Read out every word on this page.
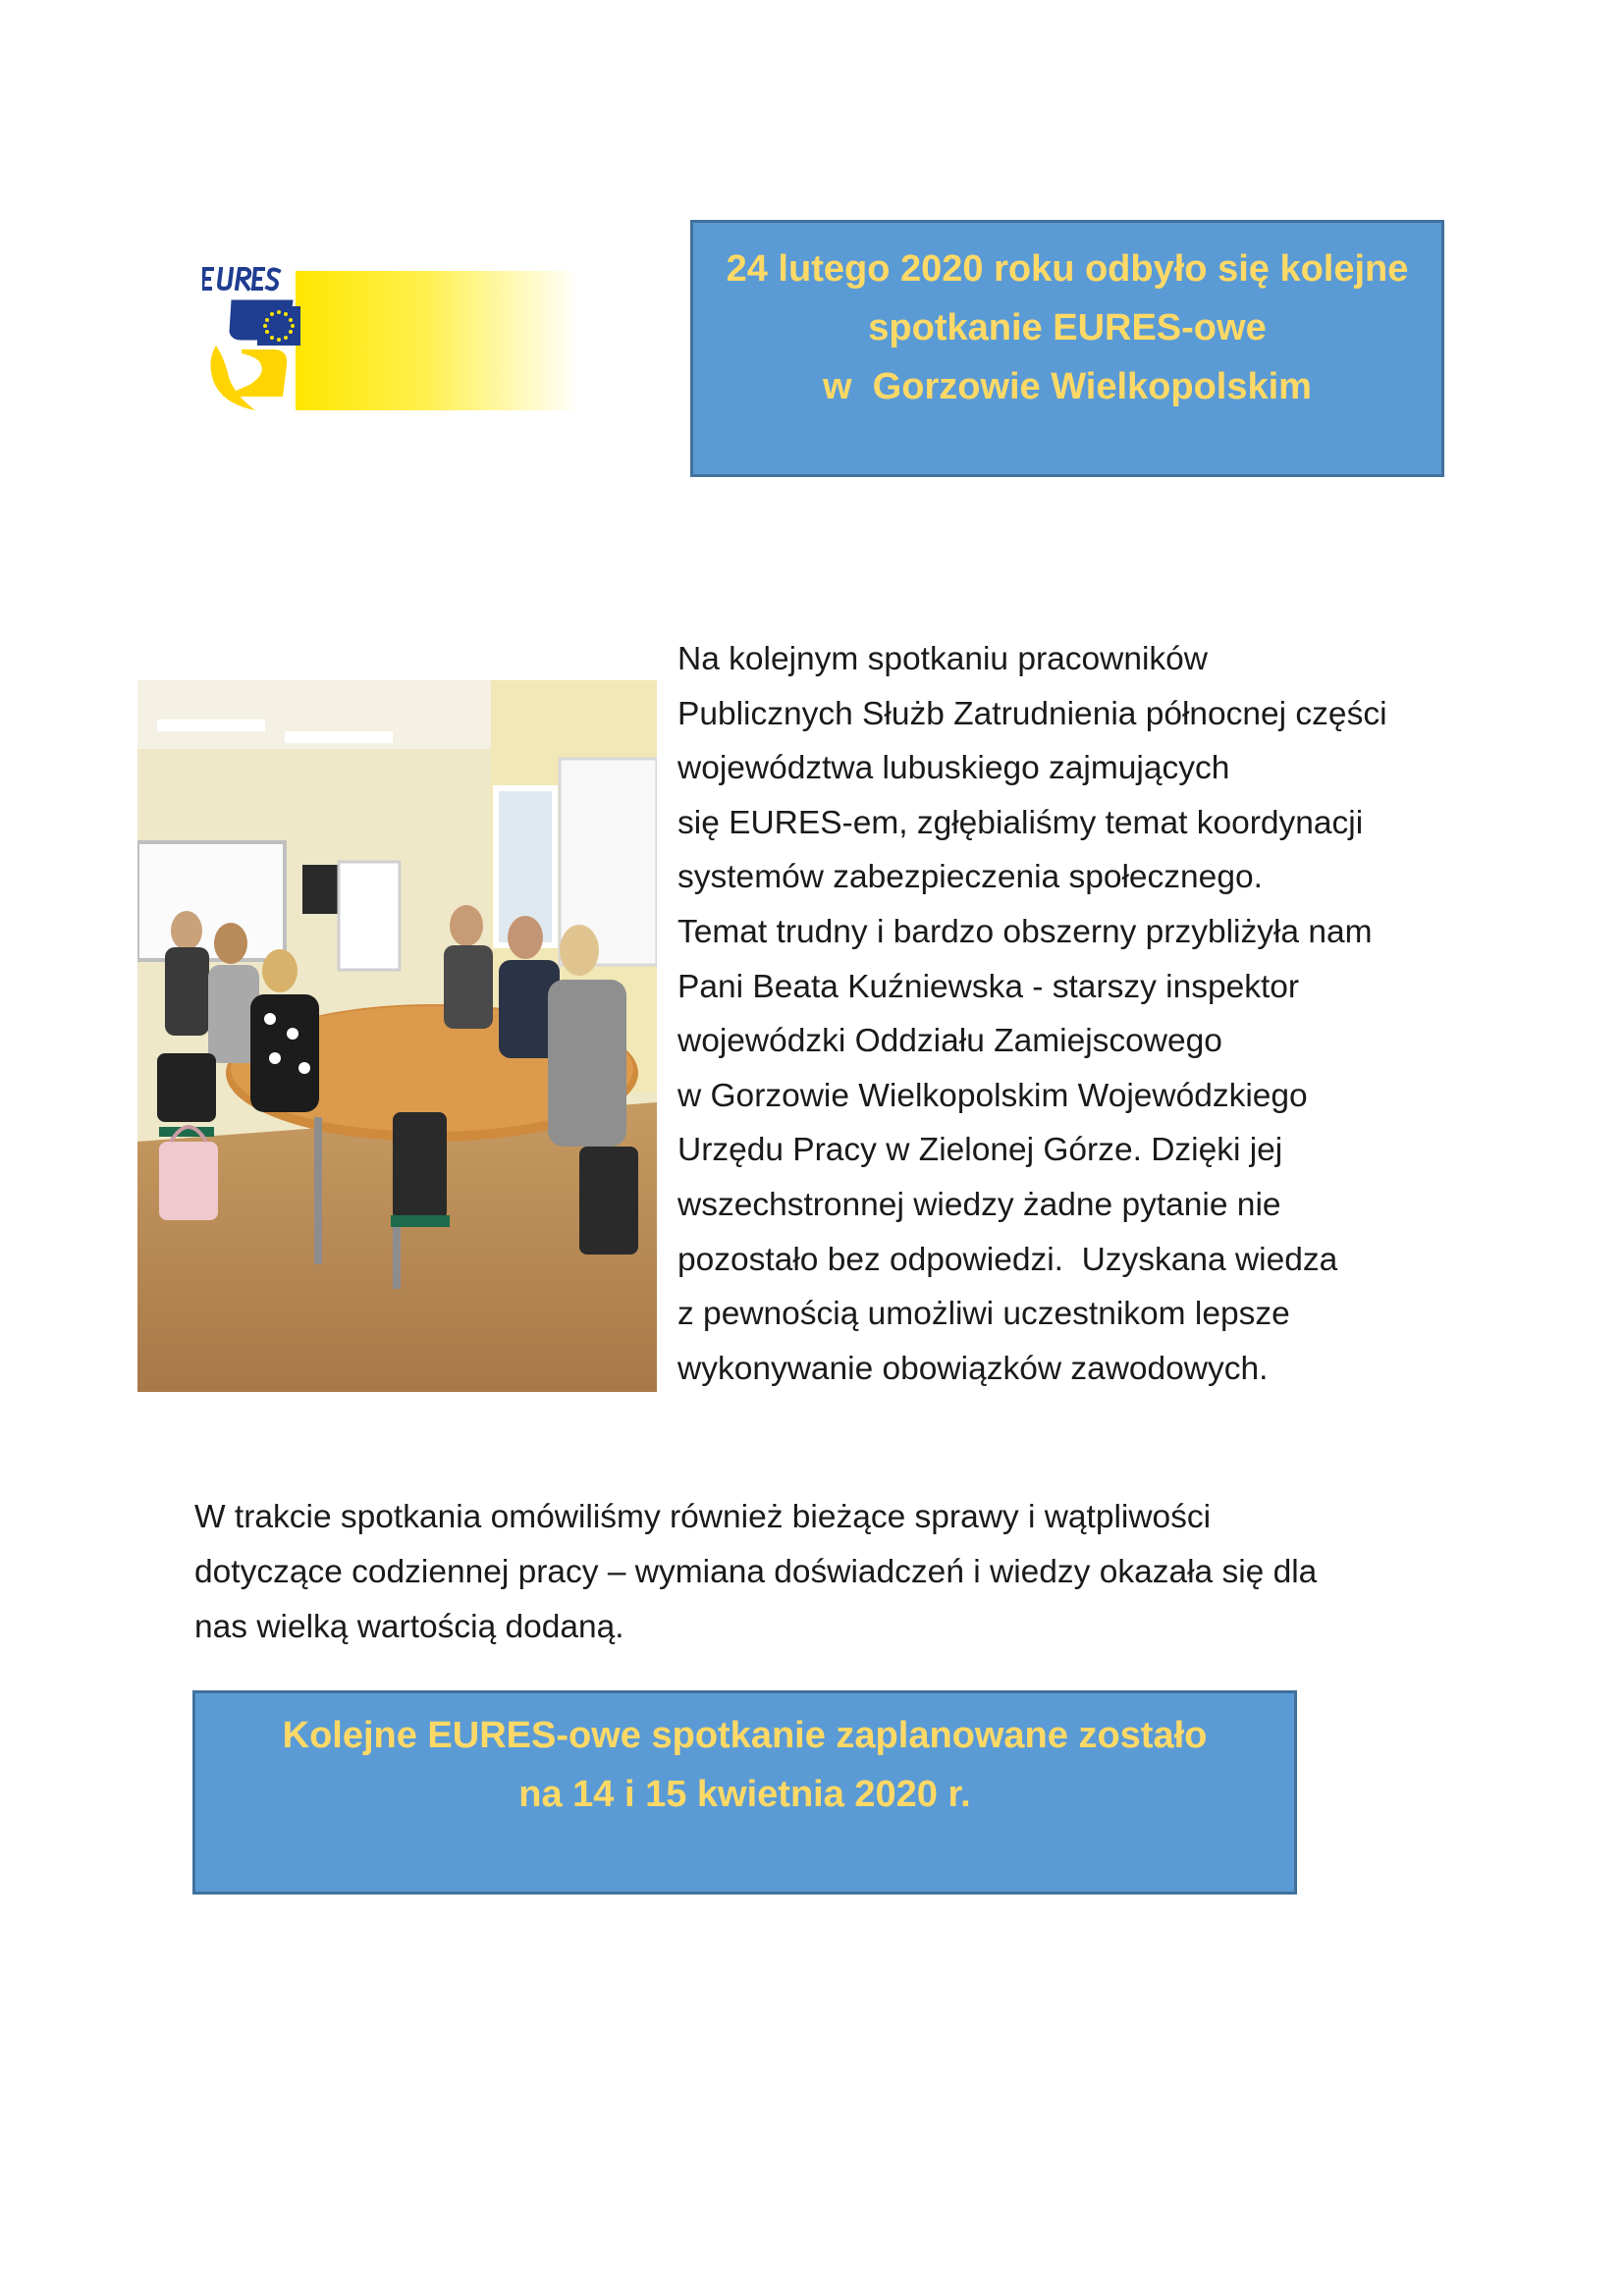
24 lutego 2020 roku odbyło się kolejne
spotkanie EURES-owe
w  Gorzowie Wielkopolskim
Na kolejnym spotkaniu pracowników
Publicznych Służb Zatrudnienia północnej części
województwa lubuskiego zajmujących
się EURES-em, zgłębialiśmy temat koordynacji
systemów zabezpieczenia społecznego.
Temat trudny i bardzo obszerny przybliżyła nam
Pani Beata Kuźniewska - starszy inspektor
wojewódzki Oddziału Zamiejscowego
w Gorzowie Wielkopolskim Wojewódzkiego
Urzędu Pracy w Zielonej Górze. Dzięki jej
wszechstronnej wiedzy żadne pytanie nie
pozostało bez odpowiedzi.  Uzyskana wiedza
z pewnością umożliwi uczestnikom lepsze
wykonywanie obowiązków zawodowych.
W trakcie spotkania omówiliśmy również bieżące sprawy i wątpliwości
dotyczące codziennej pracy – wymiana doświadczeń i wiedzy okazała się dla
nas wielką wartością dodaną.
Kolejne EURES-owe spotkanie zaplanowane zostało
na 14 i 15 kwietnia 2020 r.
